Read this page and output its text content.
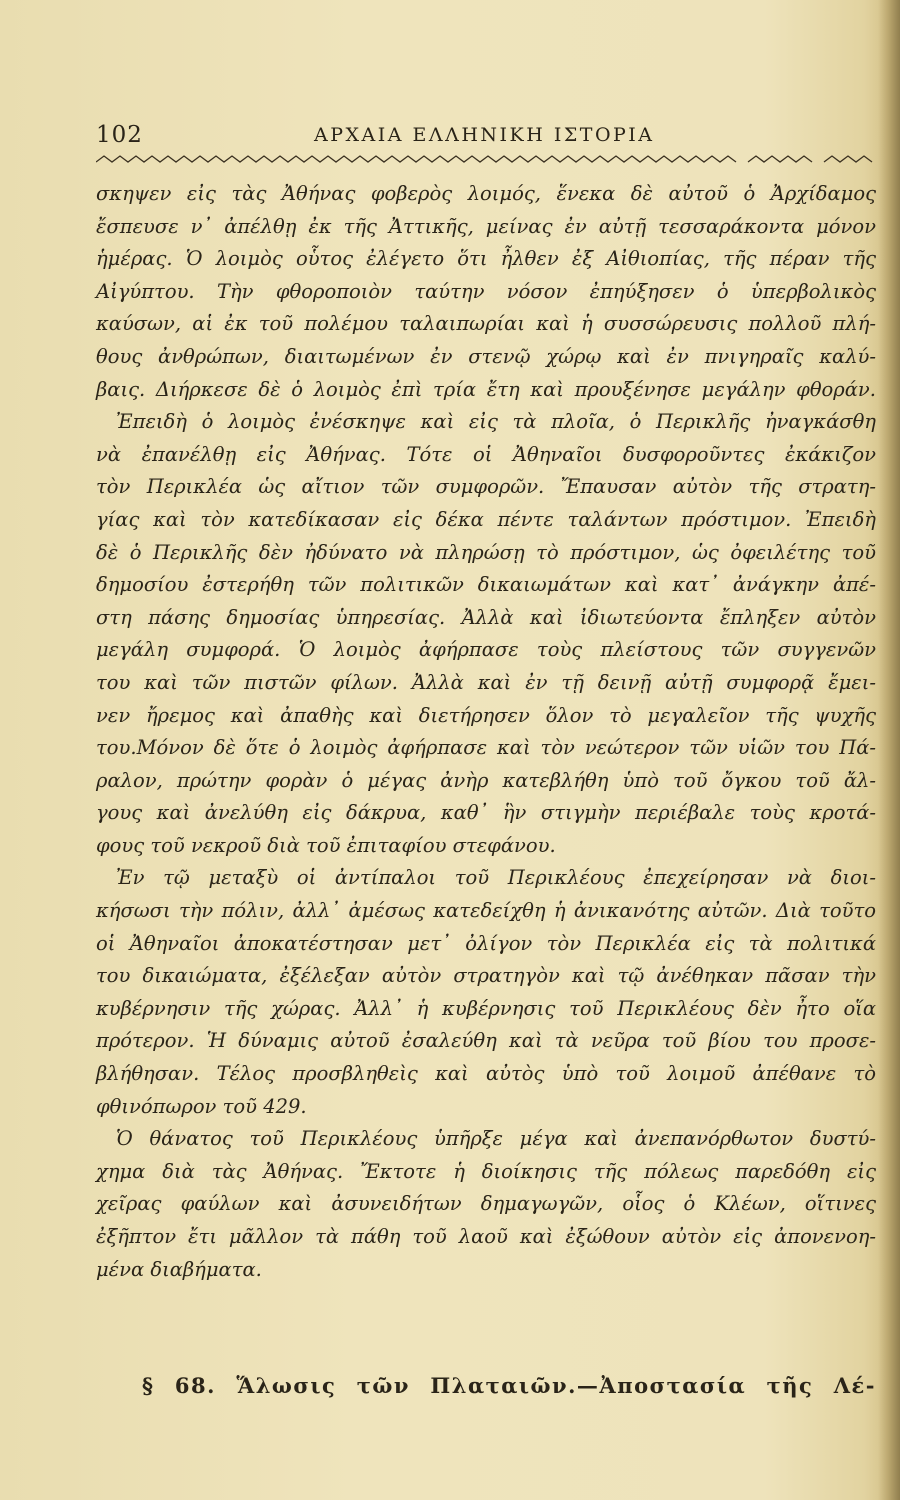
102	ΑΡΧΑΙΑ ΕΛΛΗΝΙΚΗ ΙΣΤΟΡΙΑ
σκηψεν εἰς τὰς Ἀθήνας φοβερὸς λοιμός, ἕνεκα δὲ αὐτοῦ ὁ Ἀρχίδαμος
ἔσπευσε ν᾿ ἀπέλθῃ ἐκ τῆς Ἀττικῆς, μείνας ἐν αὐτῇ τεσσαράκοντα μόνον
ἡμέρας. Ὁ λοιμὸς οὗτος ἐλέγετο ὅτι ἦλθεν ἐξ Αἰθιοπίας, τῆς πέραν τῆς
Αἰγύπτου. Τὴν φθοροποιὸν ταύτην νόσον ἐπηύξησεν ὁ ὑπερβολικὸς
καύσων, αἱ ἐκ τοῦ πολέμου ταλαιπωρίαι καὶ ἡ συσσώρευσις πολλοῦ πλή-
θους ἀνθρώπων, διαιτωμένων ἐν στενῷ χώρῳ καὶ ἐν πνιγηραῖς καλύ-
βαις. Διήρκεσε δὲ ὁ λοιμὸς ἐπὶ τρία ἔτη καὶ προυξένησε μεγάλην φθοράν.
Ἐπειδὴ ὁ λοιμὸς ἐνέσκηψε καὶ εἰς τὰ πλοῖα, ὁ Περικλῆς ἠναγκάσθη
νὰ ἐπανέλθῃ εἰς Ἀθήνας. Τότε οἱ Ἀθηναῖοι δυσφοροῦντες ἐκάκιζον
τὸν Περικλέα ὡς αἴτιον τῶν συμφορῶν. Ἔπαυσαν αὐτὸν τῆς στρατη-
γίας καὶ τὸν κατεδίκασαν εἰς δέκα πέντε ταλάντων πρόστιμον. Ἐπειδὴ
δὲ ὁ Περικλῆς δὲν ἠδύνατο νὰ πληρώσῃ τὸ πρόστιμον, ὡς ὀφειλέτης τοῦ
δημοσίου ἐστερήθη τῶν πολιτικῶν δικαιωμάτων καὶ κατ᾿ ἀνάγκην ἀπέ-
στη πάσης δημοσίας ὑπηρεσίας. Ἀλλὰ καὶ ἰδιωτεύοντα ἔπληξεν αὐτὸν
μεγάλη συμφορά. Ὁ λοιμὸς ἀφήρπασε τοὺς πλείστους τῶν συγγενῶν
του καὶ τῶν πιστῶν φίλων. Ἀλλὰ καὶ ἐν τῇ δεινῇ αὐτῇ συμφορᾷ ἔμει-
νεν ἤρεμος καὶ ἀπαθὴς καὶ διετήρησεν ὅλον τὸ μεγαλεῖον τῆς ψυχῆς
του.Μόνον δὲ ὅτε ὁ λοιμὸς ἀφήρπασε καὶ τὸν νεώτερον τῶν υἱῶν του Πά-
ραλον, πρώτην φορὰν ὁ μέγας ἀνὴρ κατεβλήθη ὑπὸ τοῦ ὄγκου τοῦ ἄλ-
γους καὶ ἀνελύθη εἰς δάκρυα, καθ᾿ ἣν στιγμὴν περιέβαλε τοὺς κροτά-
φους τοῦ νεκροῦ διὰ τοῦ ἐπιταφίου στεφάνου.
Ἐν τῷ μεταξὺ οἱ ἀντίπαλοι τοῦ Περικλέους ἐπεχείρησαν νὰ διοι-
κήσωσι τὴν πόλιν, ἀλλ᾿ ἀμέσως κατεδείχθη ἡ ἀνικανότης αὐτῶν. Διὰ τοῦτο
οἱ Ἀθηναῖοι ἀποκατέστησαν μετ᾿ ὀλίγον τὸν Περικλέα εἰς τὰ πολιτικά
του δικαιώματα, ἐξέλεξαν αὐτὸν στρατηγὸν καὶ τῷ ἀνέθηκαν πᾶσαν τὴν
κυβέρνησιν τῆς χώρας. Ἀλλ᾿ ἡ κυβέρνησις τοῦ Περικλέους δὲν ἦτο οἵα
πρότερον. Ἡ δύναμις αὐτοῦ ἐσαλεύθη καὶ τὰ νεῦρα τοῦ βίου του προσε-
βλήθησαν. Τέλος προσβληθεὶς καὶ αὐτὸς ὑπὸ τοῦ λοιμοῦ ἀπέθανε τὸ
φθινόπωρον τοῦ 429.
Ὁ θάνατος τοῦ Περικλέους ὑπῆρξε μέγα καὶ ἀνεπανόρθωτον δυστύ-
χημα διὰ τὰς Ἀθήνας. Ἔκτοτε ἡ διοίκησις τῆς πόλεως παρεδόθη εἰς
χεῖρας φαύλων καὶ ἀσυνειδήτων δημαγωγῶν, οἷος ὁ Κλέων, οἵτινες
ἐξῆπτον ἔτι μᾶλλον τὰ πάθη τοῦ λαοῦ καὶ ἐξώθουν αὐτὸν εἰς ἀπονενοη-
μένα διαβήματα.
§ 68. Ἅλωσις τῶν Πλαταιῶν.—Ἀποστασία τῆς Λέ-
